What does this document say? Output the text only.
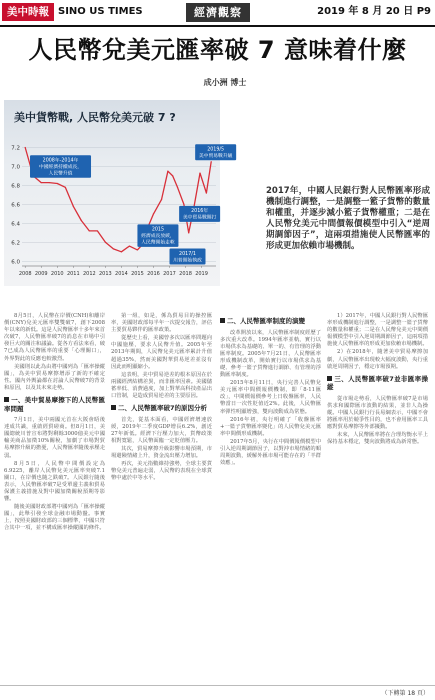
美中時報 SINO US TIMES	經濟觀察	2019 年 8 月 20 日 P9
人民幣兌美元匯率破 7 意味着什麼
成小洲 博士
6.0
6.2
6.4
6.6
6.8
7.0
7.2
2008 2009 2010 2011 2012 2013 2014 2015 2016 2017 2018 2019
2008年-2014年
中國經濟持續成長，
人民幣升值
2015
經濟成長放緩，
人民幣開始走軟
2016年
美中貿易戰開打
2017/1
川普開始執政
2019/5
美中貿易戰升級
美中貨幣戰, 人民幣兌美元破 7 ?
2017年，中國人民銀行對人民幣匯率形成機制進行調整，一是調整一籃子貨幣的數量和權重，并逐步減小籃子貨幣權重；二是在人民幣兌美元中間價報價模型中引入“逆周期調節因子”，這兩項措施使人民幣匯率的形成更加依賴市場機制。

8月5日，人民幣在岸價(CNH)和離岸價(CNY)兌美元匯率雙雙破7，創下2008年以來的新低。這是人民幣匯率十多年來首次破7，人民幣匯率破7的消息在市場中引發巨大的關注和議論。從各方看法來看，破7已成為人民幣匯率的重要「心理關口」，外界對此的反應也較激烈。

美國則以此為由將中國列為「匯率操縱國」，為美中貿易摩擦增添了新的不確定性。國內外輿論都在討論人民幣破7的背景和原因，以及其未來走勢。

一、美中貿易摩擦下的人民幣匯率問題

7月1日，美中兩國元首在大阪會晤後達成共識，重啟經貿磋商。但8月1日，美國總統川普宣布將對剩餘3000億美元中國輸美商品加徵10%關稅，加劇了市場對貿易摩擦升級的擔憂，人民幣匯率隨後承壓走弱。

8月5日，人民幣中間價設定為6.9225，離岸人民幣兌美元匯率突破7.1關口，在岸價也隨之跌破7。人民銀行隨後表示，人民幣匯率破7是受單邊主義和貿易保護主義措施及對中國加徵關稅預期等影響。

隨後美國財政部將中國列為「匯率操縱國」，此舉引發全球金融市場動盪。事實上，按照美國財政部的三個標準，中國只符合其中一項，並不構成匯率操縱國的條件。

第一組，如是，係為貿易目的操控匯率，美國財政部每半年一次提交報告，評估主要貿易夥伴的匯率政策。

從歷史上看，美國曾多次以匯率問題向中國施壓，要求人民幣升值。2005年至2013年期間，人民幣兌美元匯率累計升值超過35%，然而美國對華貿易逆差並沒有因此而明顯縮小。

這表明，美中貿易逆差的根本原因在於兩國經濟結構差異，而非匯率因素。美國儲蓄率低、消費過度，加上對華高科技產品出口管制，是造成貿易逆差的主要原因。

二、人民幣匯率破7的原因分析

首先，從基本面看，中國經濟增速放緩，2019年二季度GDP增長6.2%，創近27年新低。經濟下行壓力加大，貨幣政策相對寬鬆，人民幣面臨一定貶值壓力。

其次，貿易摩擦升級影響市場預期，市場避險情緒上升，資金流出壓力增加。

再次，美元指數維持強勢，全球主要貨幣兌美元普遍走弱，人民幣的表現在全球貨幣中處於中等水平。

二、人民幣匯率制度的演變

改革開放以來，人民幣匯率制度經歷了多次重大改革。1994年匯率並軌，實行以市場供求為基礎的、單一的、有管理的浮動匯率制度。2005年7月21日，人民幣匯率形成機制改革，開始實行以市場供求為基礎、參考一籃子貨幣進行調節、有管理的浮動匯率制度。

2015年8月11日，央行完善人民幣兌美元匯率中間價報價機制，即「8·11匯改」，中間價報價參考上日收盤匯率，人民幣當日一次性貶值近2%。此後，人民幣匯率彈性明顯增強，雙向波動成為常態。

2016年初，央行明確了「收盤匯率+一籃子貨幣匯率變化」的人民幣兌美元匯率中間價形成機制。

2017年5月，央行在中間價報價模型中引入逆周期調節因子，以對沖市場情緒的順周期波動，緩解外匯市場可能存在的「羊群效應」。

1）2017年，中國人民銀行對人民幣匯率形成機制進行調整，一是調整一籃子貨幣的數量和權重；二是在人民幣兌美元中間價報價模型中引入逆周期調節因子，這兩項措施使人民幣匯率的形成更加依賴市場機制。

2）在2018年，隨著美中貿易摩擦加劇，人民幣匯率出現較大幅度波動，央行重啟逆周期因子，穩定市場預期。

三、人民幣匯率破7並非匯率操縱

從市場走勢看，人民幣匯率破7是市場供求和國際匯市波動的結果，並非人為操縱。中國人民銀行行長易綱表示，中國不會將匯率用於競爭性目的，也不會用匯率工具應對貿易摩擦等外部擾動。

未來，人民幣匯率將在合理均衡水平上保持基本穩定，雙向波動將成為新常態。

（下轉第 18 頁）
